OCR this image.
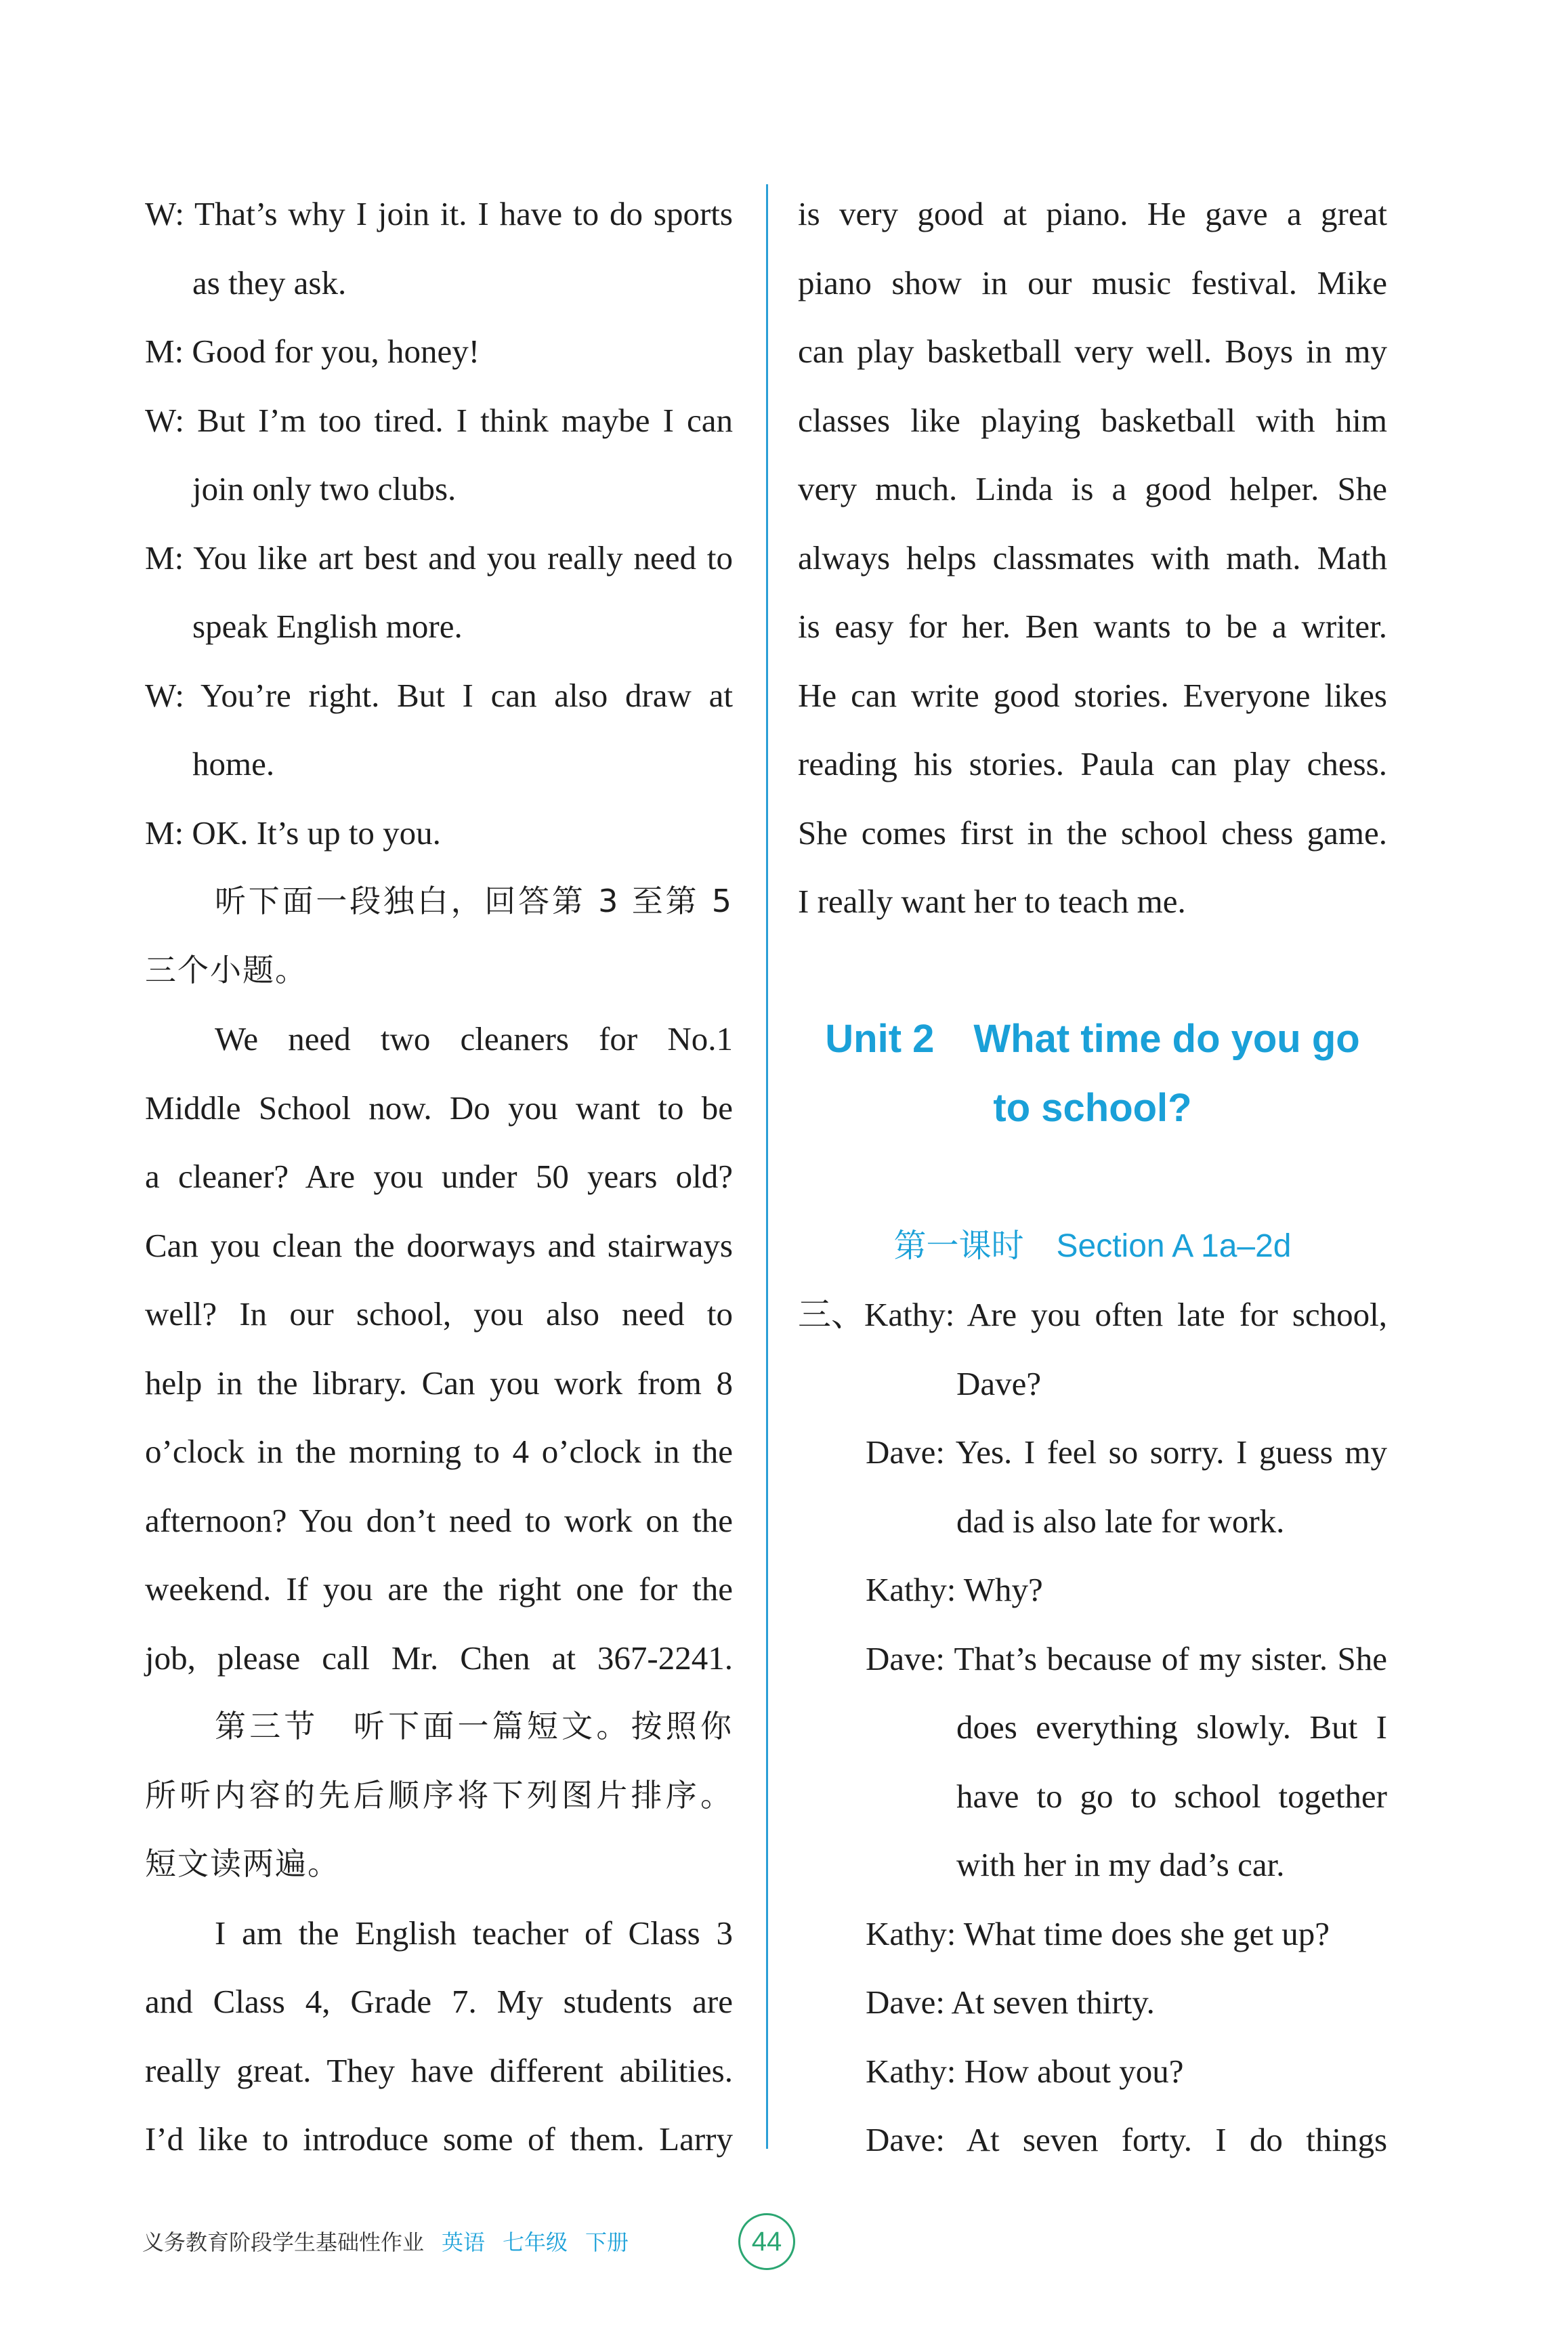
W: That’s why I join it. I have to do sports
as they ask.
M: Good for you, honey!
W: But I’m too tired. I think maybe I can
join only two clubs.
M: You like art best and you really need to
speak English more.
W: You’re right. But I can also draw at
home.
M: OK. It’s up to you.
听下面一段独白，回答第 3 至第 5
三个小题。
We need two cleaners for No.1
Middle School now. Do you want to be
a cleaner? Are you under 50 years old?
Can you clean the doorways and stairways
well? In our school, you also need to
help in the library. Can you work from 8
o’clock in the morning to 4 o’clock in the
afternoon? You don’t need to work on the
weekend. If you are the right one for the
job, please call Mr. Chen at 367-2241.
第三节　听下面一篇短文。按照你
所听内容的先后顺序将下列图片排序。
短文读两遍。
I am the English teacher of Class 3
and Class 4, Grade 7. My students are
really great. They have different abilities.
I’d like to introduce some of them. Larry
is very good at piano. He gave a great
piano show in our music festival. Mike
can play basketball very well. Boys in my
classes like playing basketball with him
very much. Linda is a good helper. She
always helps classmates with math. Math
is easy for her. Ben wants to be a writer.
He can write good stories. Everyone likes
reading his stories. Paula can play chess.
She comes first in the school chess game.
I really want her to teach me.
Unit 2　What time do you go
to school?
第一课时　Section A 1a–2d
三、Kathy: Are you often late for school,
Dave?
Dave: Yes. I feel so sorry. I guess my
dad is also late for work.
Kathy: Why?
Dave: That’s because of my sister. She
does everything slowly. But I
have to go to school together
with her in my dad’s car.
Kathy: What time does she get up?
Dave: At seven thirty.
Kathy: How about you?
Dave: At seven forty. I do things
义务教育阶段学生基础性作业 英语 七年级 下册	44
